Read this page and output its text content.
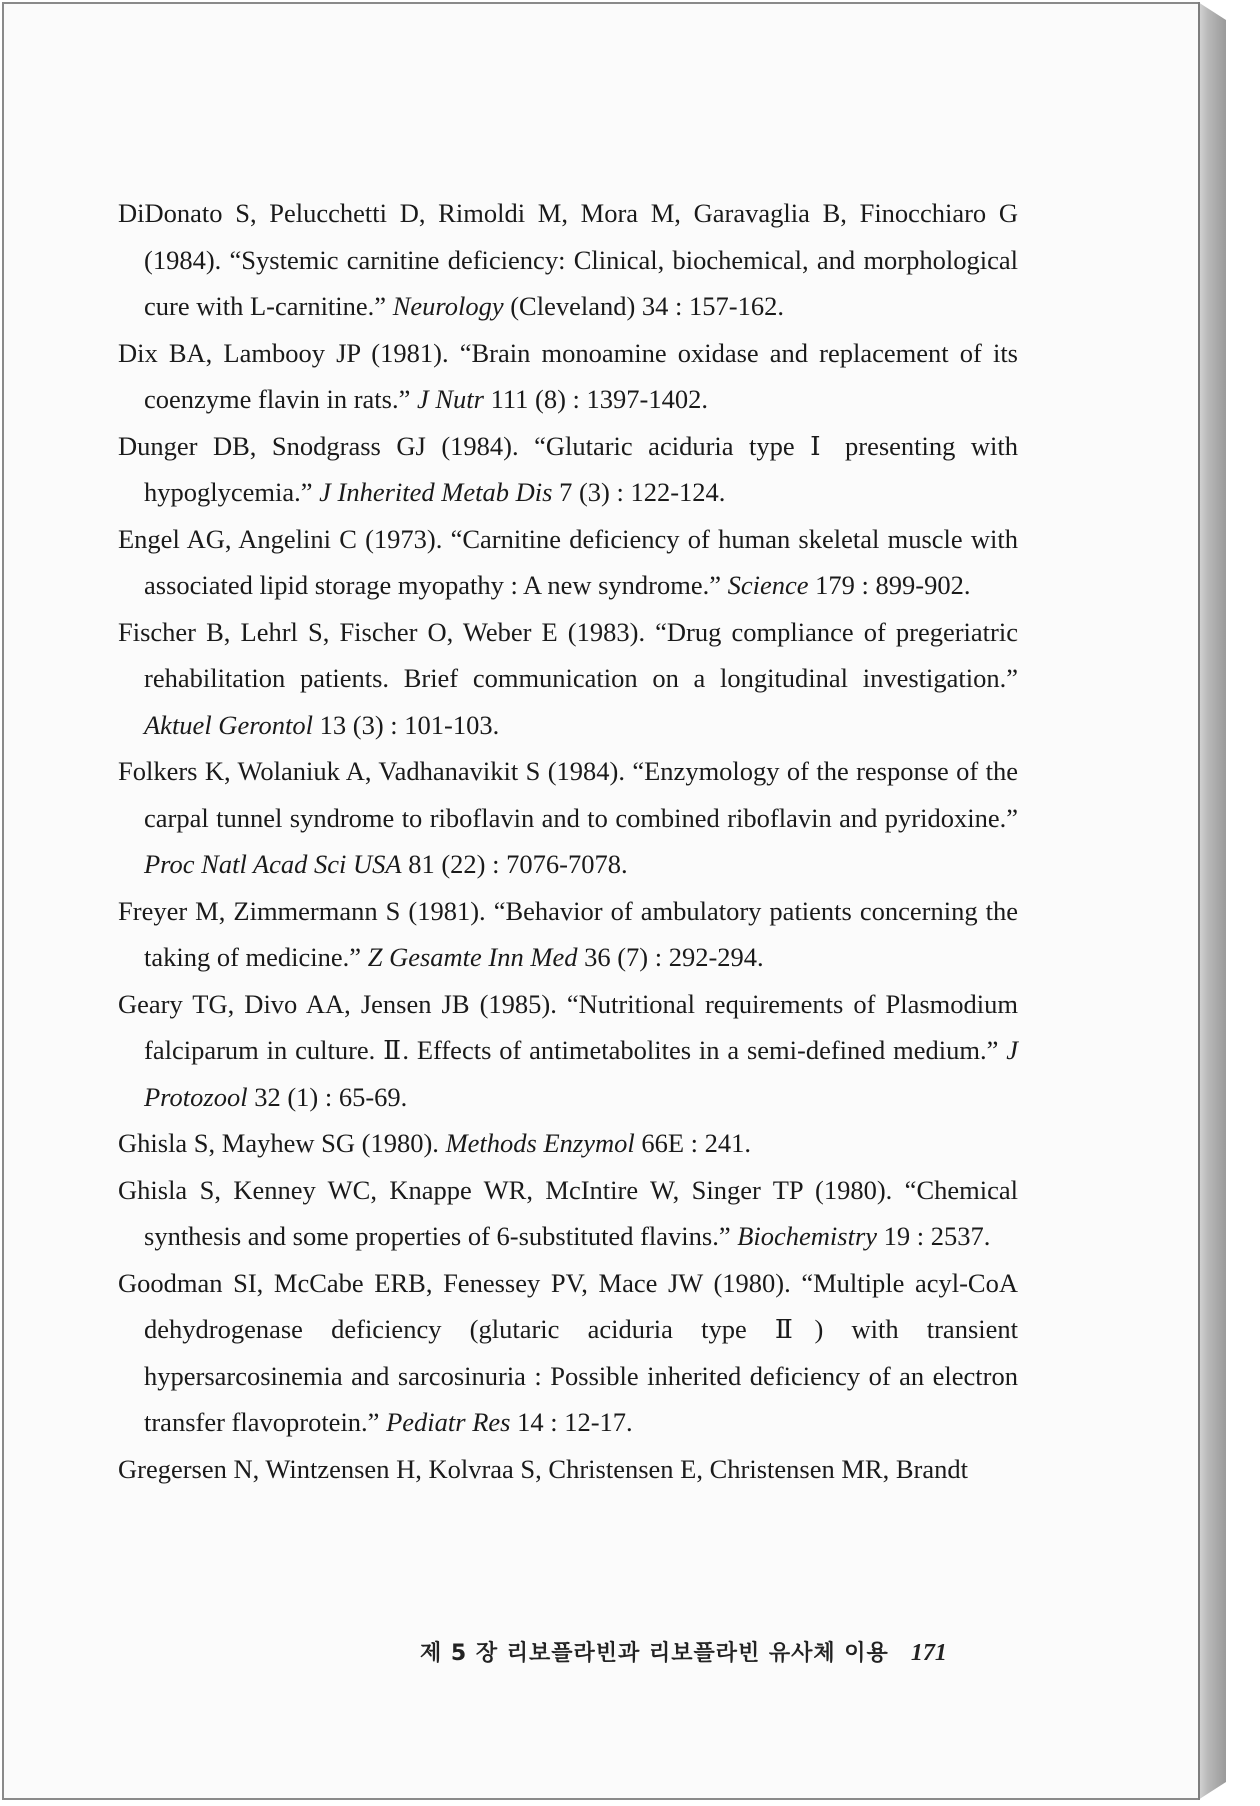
DiDonato S, Pelucchetti D, Rimoldi M, Mora M, Garavaglia B, Finocchiaro G (1984). “Systemic carnitine deficiency: Clinical, biochemical, and morphological cure with L-carnitine.” Neurology (Cleveland) 34 : 157-162.

Dix BA, Lambooy JP (1981). “Brain monoamine oxidase and replacement of its coenzyme flavin in rats.” J Nutr 111 (8) : 1397-1402.

Dunger DB, Snodgrass GJ (1984). “Glutaric aciduria type Ⅰ presenting with hypoglycemia.” J Inherited Metab Dis 7 (3) : 122-124.

Engel AG, Angelini C (1973). “Carnitine deficiency of human skeletal muscle with associated lipid storage myopathy : A new syndrome.” Science 179 : 899-902.

Fischer B, Lehrl S, Fischer O, Weber E (1983). “Drug compliance of pregeriatric rehabilitation patients. Brief communication on a longitudinal investigation.” Aktuel Gerontol 13 (3) : 101-103.

Folkers K, Wolaniuk A, Vadhanavikit S (1984). “Enzymology of the response of the carpal tunnel syndrome to riboflavin and to combined riboflavin and pyridoxine.” Proc Natl Acad Sci USA 81 (22) : 7076-7078.

Freyer M, Zimmermann S (1981). “Behavior of ambulatory patients concerning the taking of medicine.” Z Gesamte Inn Med 36 (7) : 292-294.

Geary TG, Divo AA, Jensen JB (1985). “Nutritional requirements of Plasmodium falciparum in culture. Ⅱ. Effects of antimetabolites in a semi-defined medium.” J Protozool 32 (1) : 65-69.

Ghisla S, Mayhew SG (1980). Methods Enzymol 66E : 241.

Ghisla S, Kenney WC, Knappe WR, McIntire W, Singer TP (1980). “Chemical synthesis and some properties of 6-substituted flavins.” Biochemistry 19 : 2537.

Goodman SI, McCabe ERB, Fenessey PV, Mace JW (1980). “Multiple acyl-CoA dehydrogenase deficiency (glutaric aciduria type Ⅱ) with transient hypersarcosinemia and sarcosinuria : Possible inherited deficiency of an electron transfer flavoprotein.” Pediatr Res 14 : 12-17.

Gregersen N, Wintzensen H, Kolvraa S, Christensen E, Christensen MR, Brandt

제 5 장 리보플라빈과 리보플라빈 유사체 이용 171
